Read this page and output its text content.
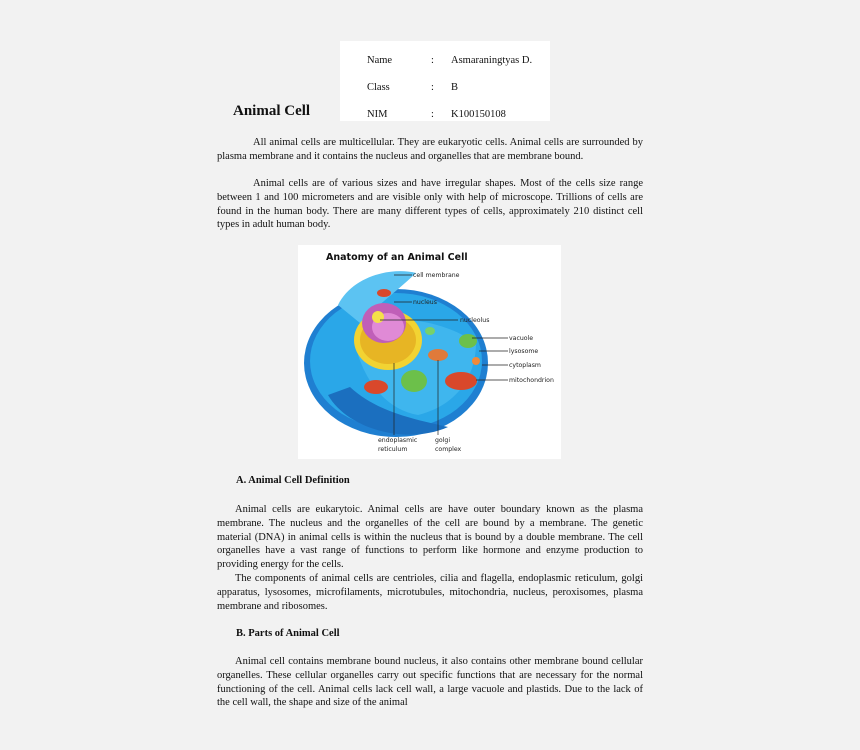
Name	: Asmaraningtyas D.
Class	: B
NIM	: K100150108
Animal Cell
All animal cells are multicellular. They are eukaryotic cells. Animal cells are surrounded by plasma membrane and it contains the nucleus and organelles that are membrane bound.
Animal cells are of various sizes and have irregular shapes. Most of the cells size range between 1 and 100 micrometers and are visible only with help of microscope. Trillions of cells are found in the human body. There are many different types of cells, approximately 210 distinct cell types in adult human body.
Anatomy of an Animal Cell
cell membrane
nucleus
nucleolus
vacuole
lysosome
cytoplasm
mitochondrion
endoplasmic
reticulum
golgi
complex
A. Animal Cell Definition
Animal cells are eukarytoic. Animal cells are have outer boundary known as the plasma membrane. The nucleus and the organelles of the cell are bound by a membrane. The genetic material (DNA) in animal cells is within the nucleus that is bound by a double membrane. The cell organelles have a vast range of functions to perform like hormone and enzyme production to providing energy for the cells.
The components of animal cells are centrioles, cilia and flagella, endoplasmic reticulum, golgi apparatus, lysosomes, microfilaments, microtubules, mitochondria, nucleus, peroxisomes, plasma membrane and ribosomes.
B. Parts of Animal Cell
Animal cell contains membrane bound nucleus, it also contains other membrane bound cellular organelles. These cellular organelles carry out specific functions that are necessary for the normal functioning of the cell. Animal cells lack cell wall, a large vacuole and plastids. Due to the lack of the cell wall, the shape and size of the animal
